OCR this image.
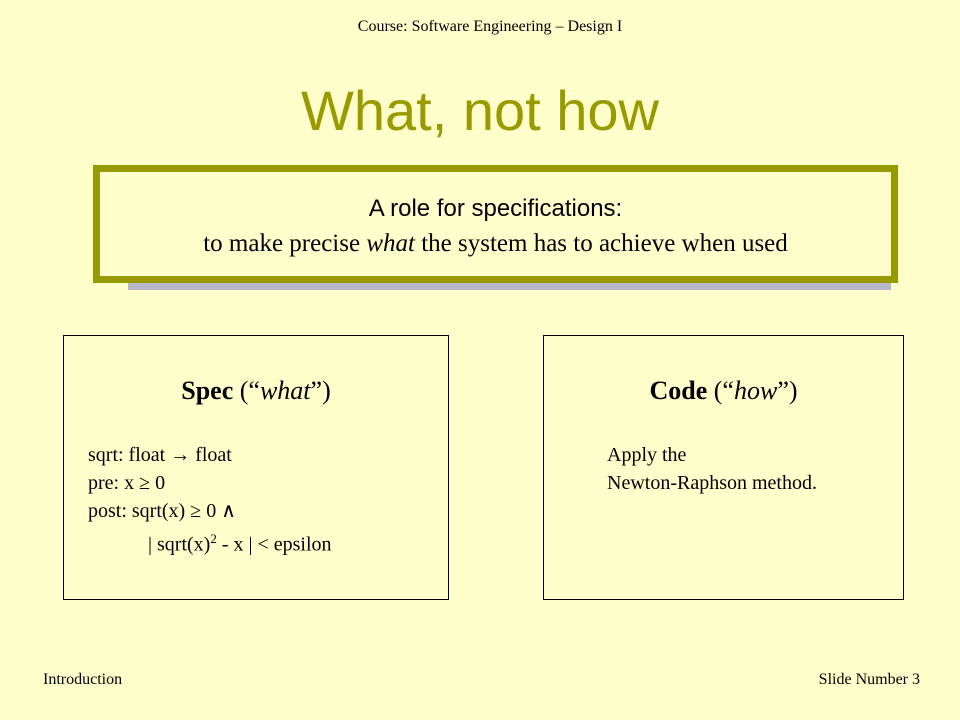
Course: Software Engineering – Design I
What, not how
A role for specifications:
to make precise what the system has to achieve when used
Spec (“what”)
sqrt: float → float
pre: x ≥ 0
post: sqrt(x) ≥ 0 ∧
| $sqrt(x)^2$ - x | < epsilon
Code (“how”)
Apply the
Newton-Raphson method.
Introduction	Slide Number 3
